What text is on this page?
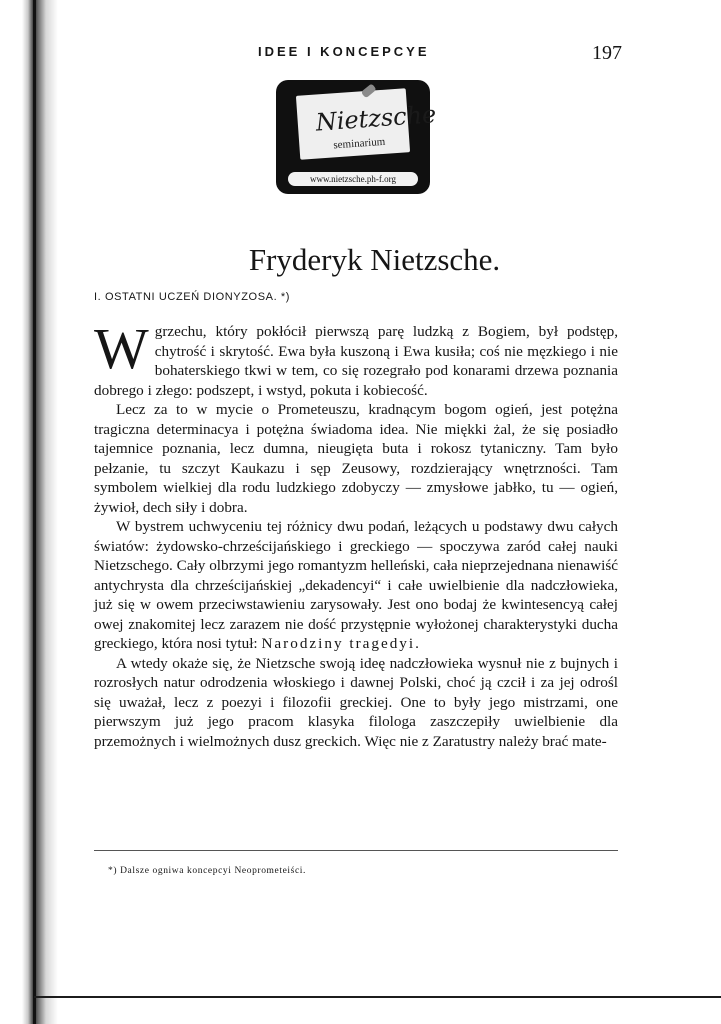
IDEE I KONCEPCYE	197
Nietzsche
seminarium
www.nietzsche.ph-f.org
Fryderyk Nietzsche.
I. OSTATNI UCZEŃ DIONYZOSA. *)

Wgrzechu, który pokłócił pierwszą parę ludzką z Bogiem, był podstęp, chytrość i skrytość. Ewa była kuszoną i Ewa kusiła; coś nie męzkiego i nie bohaterskiego tkwi w tem, co się rozegrało pod konarami drzewa poznania dobrego i złego: podszept, i wstyd, pokuta i kobiecość.

Lecz za to w mycie o Prometeuszu, kradnącym bogom ogień, jest potężna tragiczna determinacya i potężna świadoma idea. Nie miękki żal, że się posiadło tajemnice poznania, lecz dumna, nieugięta buta i rokosz tytaniczny. Tam było pełzanie, tu szczyt Kaukazu i sęp Zeusowy, rozdzierający wnętrzności. Tam symbolem wielkiej dla rodu ludzkiego zdobyczy — zmysłowe jabłko, tu — ogień, żywioł, dech siły i dobra.

W bystrem uchwyceniu tej różnicy dwu podań, leżących u podstawy dwu całych światów: żydowsko-chrześcijańskiego i greckiego — spoczywa zaród całej nauki Nietzschego. Cały olbrzymi jego romantyzm helleński, cała nieprzejednana nienawiść antychrysta dla chrześcijańskiej „dekadencyi“ i całe uwielbienie dla nadczłowieka, już się w owem przeciwstawieniu zarysowały. Jest ono bodaj że kwintesencyą całej owej znakomitej lecz zarazem nie dość przystępnie wyłożonej charakterystyki ducha greckiego, która nosi tytuł: Narodziny tragedyi.

A wtedy okaże się, że Nietzsche swoją ideę nadczłowieka wysnuł nie z bujnych i rozrosłych natur odrodzenia włoskiego i dawnej Polski, choć ją czcił i za jej odrośl się uważał, lecz z poezyi i filozofii greckiej. One to były jego mistrzami, one pierwszym już jego pracom klasyka filologa zaszczepiły uwielbienie dla przemożnych i wielmożnych dusz greckich. Więc nie z Zaratustry należy brać mate-

*) Dalsze ogniwa koncepcyi Neoprometeiści.
